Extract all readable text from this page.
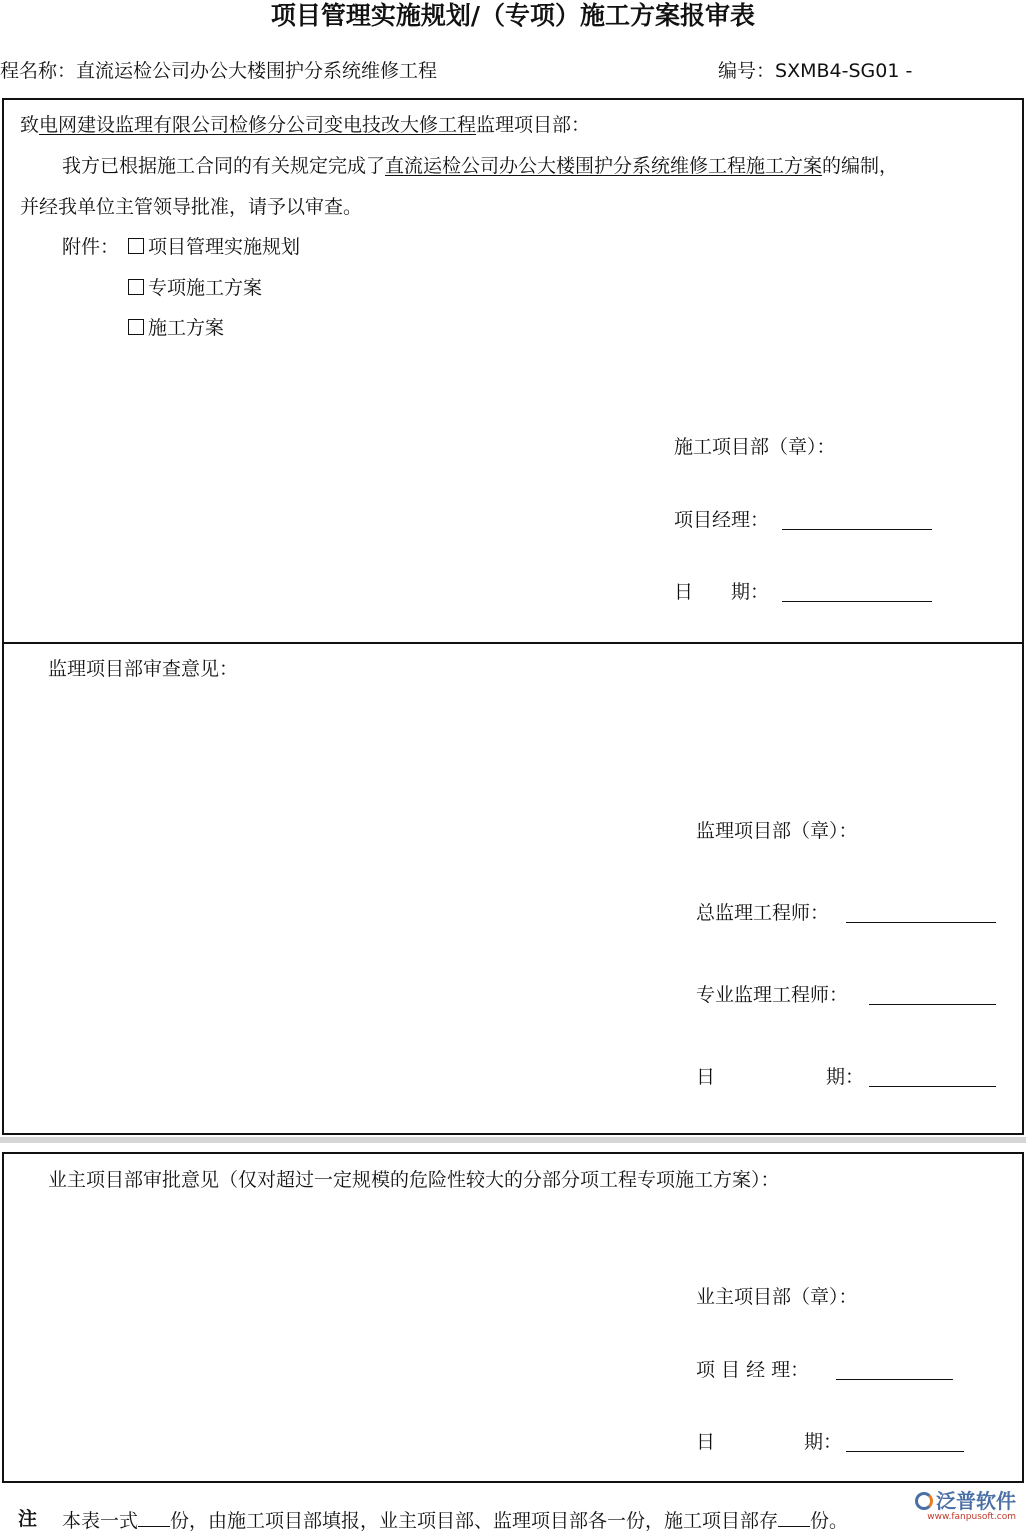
项目管理实施规划/（专项）施工方案报审表
程名称：直流运检公司办公大楼围护分系统维修工程	编号：SXMB4-SG01 -
致电网建设监理有限公司检修分公司变电技改大修工程监理项目部：
我方已根据施工合同的有关规定完成了直流运检公司办公大楼围护分系统维修工程施工方案的编制，
并经我单位主管领导批准，请予以审查。
附件：	项目管理实施规划
专项施工方案
施工方案
施工项目部（章）：
项目经理：
日　　期：
监理项目部审查意见：
监理项目部（章）：
总监理工程师：
专业监理工程师：
日	期：
业主项目部审批意见（仅对超过一定规模的危险性较大的分部分项工程专项施工方案）：
业主项目部（章）：
项 目 经 理：
日	期：
注 本表一式 份，由施工项目部填报，业主项目部、监理项目部各一份，施工项目部存 份。
泛普软件
www.fanpusoft.com
